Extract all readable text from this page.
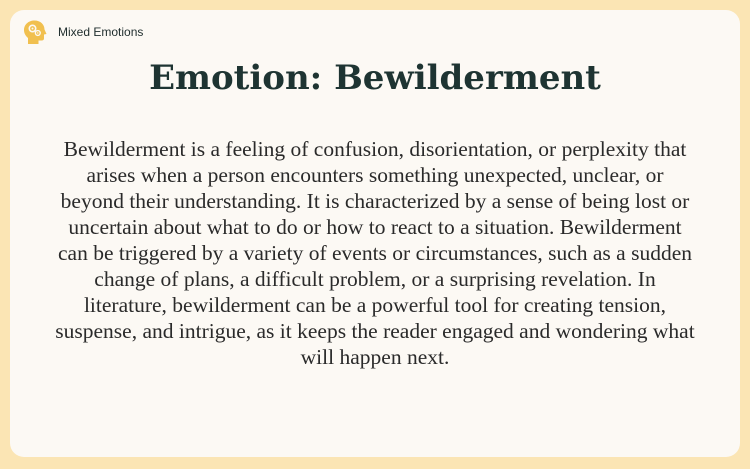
Mixed Emotions
Emotion: Bewilderment

Bewilderment is a feeling of confusion, disorientation, or perplexity that arises when a person encounters something unexpected, unclear, or beyond their understanding. It is characterized by a sense of being lost or uncertain about what to do or how to react to a situation. Bewilderment can be triggered by a variety of events or circumstances, such as a sudden change of plans, a difficult problem, or a surprising revelation. In literature, bewilderment can be a powerful tool for creating tension, suspense, and intrigue, as it keeps the reader engaged and wondering what will happen next.
